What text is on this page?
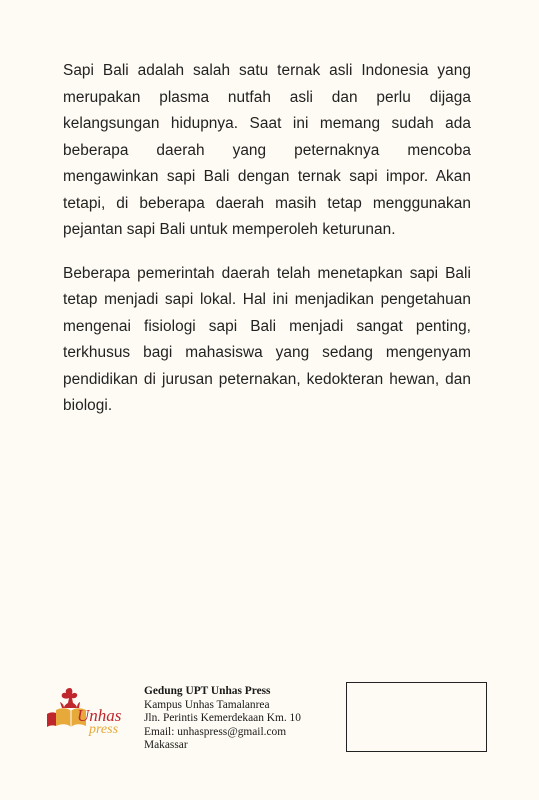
Sapi Bali adalah salah satu ternak asli Indonesia yang merupakan plasma nutfah asli dan perlu dijaga kelangsungan hidupnya. Saat ini memang sudah ada beberapa daerah yang peternaknya mencoba mengawinkan sapi Bali dengan ternak sapi impor. Akan tetapi, di beberapa daerah masih tetap menggunakan pejantan sapi Bali untuk memperoleh keturunan.

Beberapa pemerintah daerah telah menetapkan sapi Bali tetap menjadi sapi lokal. Hal ini menjadikan pengetahuan mengenai fisiologi sapi Bali menjadi sangat penting, terkhusus bagi mahasiswa yang sedang mengenyam pendidikan di jurusan peternakan, kedokteran hewan, dan biologi.

Unhas
press
Gedung UPT Unhas Press
Kampus Unhas Tamalanrea
Jln. Perintis Kemerdekaan Km. 10
Email: unhaspress@gmail.com
Makassar
